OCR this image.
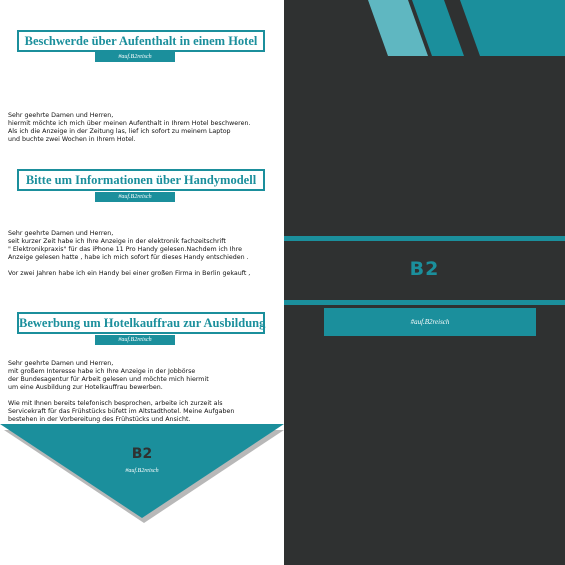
Beschwerde über Aufenthalt in einem Hotel
#auf.B2reisch

Sehr geehrte Damen und Herren,

hiermit möchte ich mich über meinen Aufenthalt in Ihrem Hotel beschweren.

Als ich die Anzeige in der Zeitung las, lief ich sofort zu meinem Laptop

und buchte zwei Wochen in Ihrem Hotel.

Bitte um Informationen über Handymodell
#auf.B2reisch

Sehr geehrte Damen und Herren,

seit kurzer Zeit habe ich Ihre Anzeige in der elektronik fachzeitschrift

" Elektronikpraxis" für das iPhone 11 Pro Handy gelesen.Nachdem ich Ihre

Anzeige gelesen hatte , habe ich mich sofort für dieses Handy entschieden .

Vor zwei Jahren habe ich ein Handy bei einer großen Firma in Berlin gekauft ,

Bewerbung um Hotelkauffrau zur Ausbildung
#auf.B2reisch

Sehr geehrte Damen und Herren,

mit großem Interesse habe ich Ihre Anzeige in der Jobbörse

der Bundesagentur für Arbeit gelesen und möchte mich hiermit

um eine Ausbildung zur Hotelkauffrau bewerben.

Wie mit Ihnen bereits telefonisch besprochen, arbeite ich zurzeit als

Servicekraft für das Frühstücks büfett im Altstadthotel. Meine Aufgaben

bestehen in der Vorbereitung des Frühstücks und Ansicht.

B2
#auf.B2reisch
B2
#auf.B2reisch
